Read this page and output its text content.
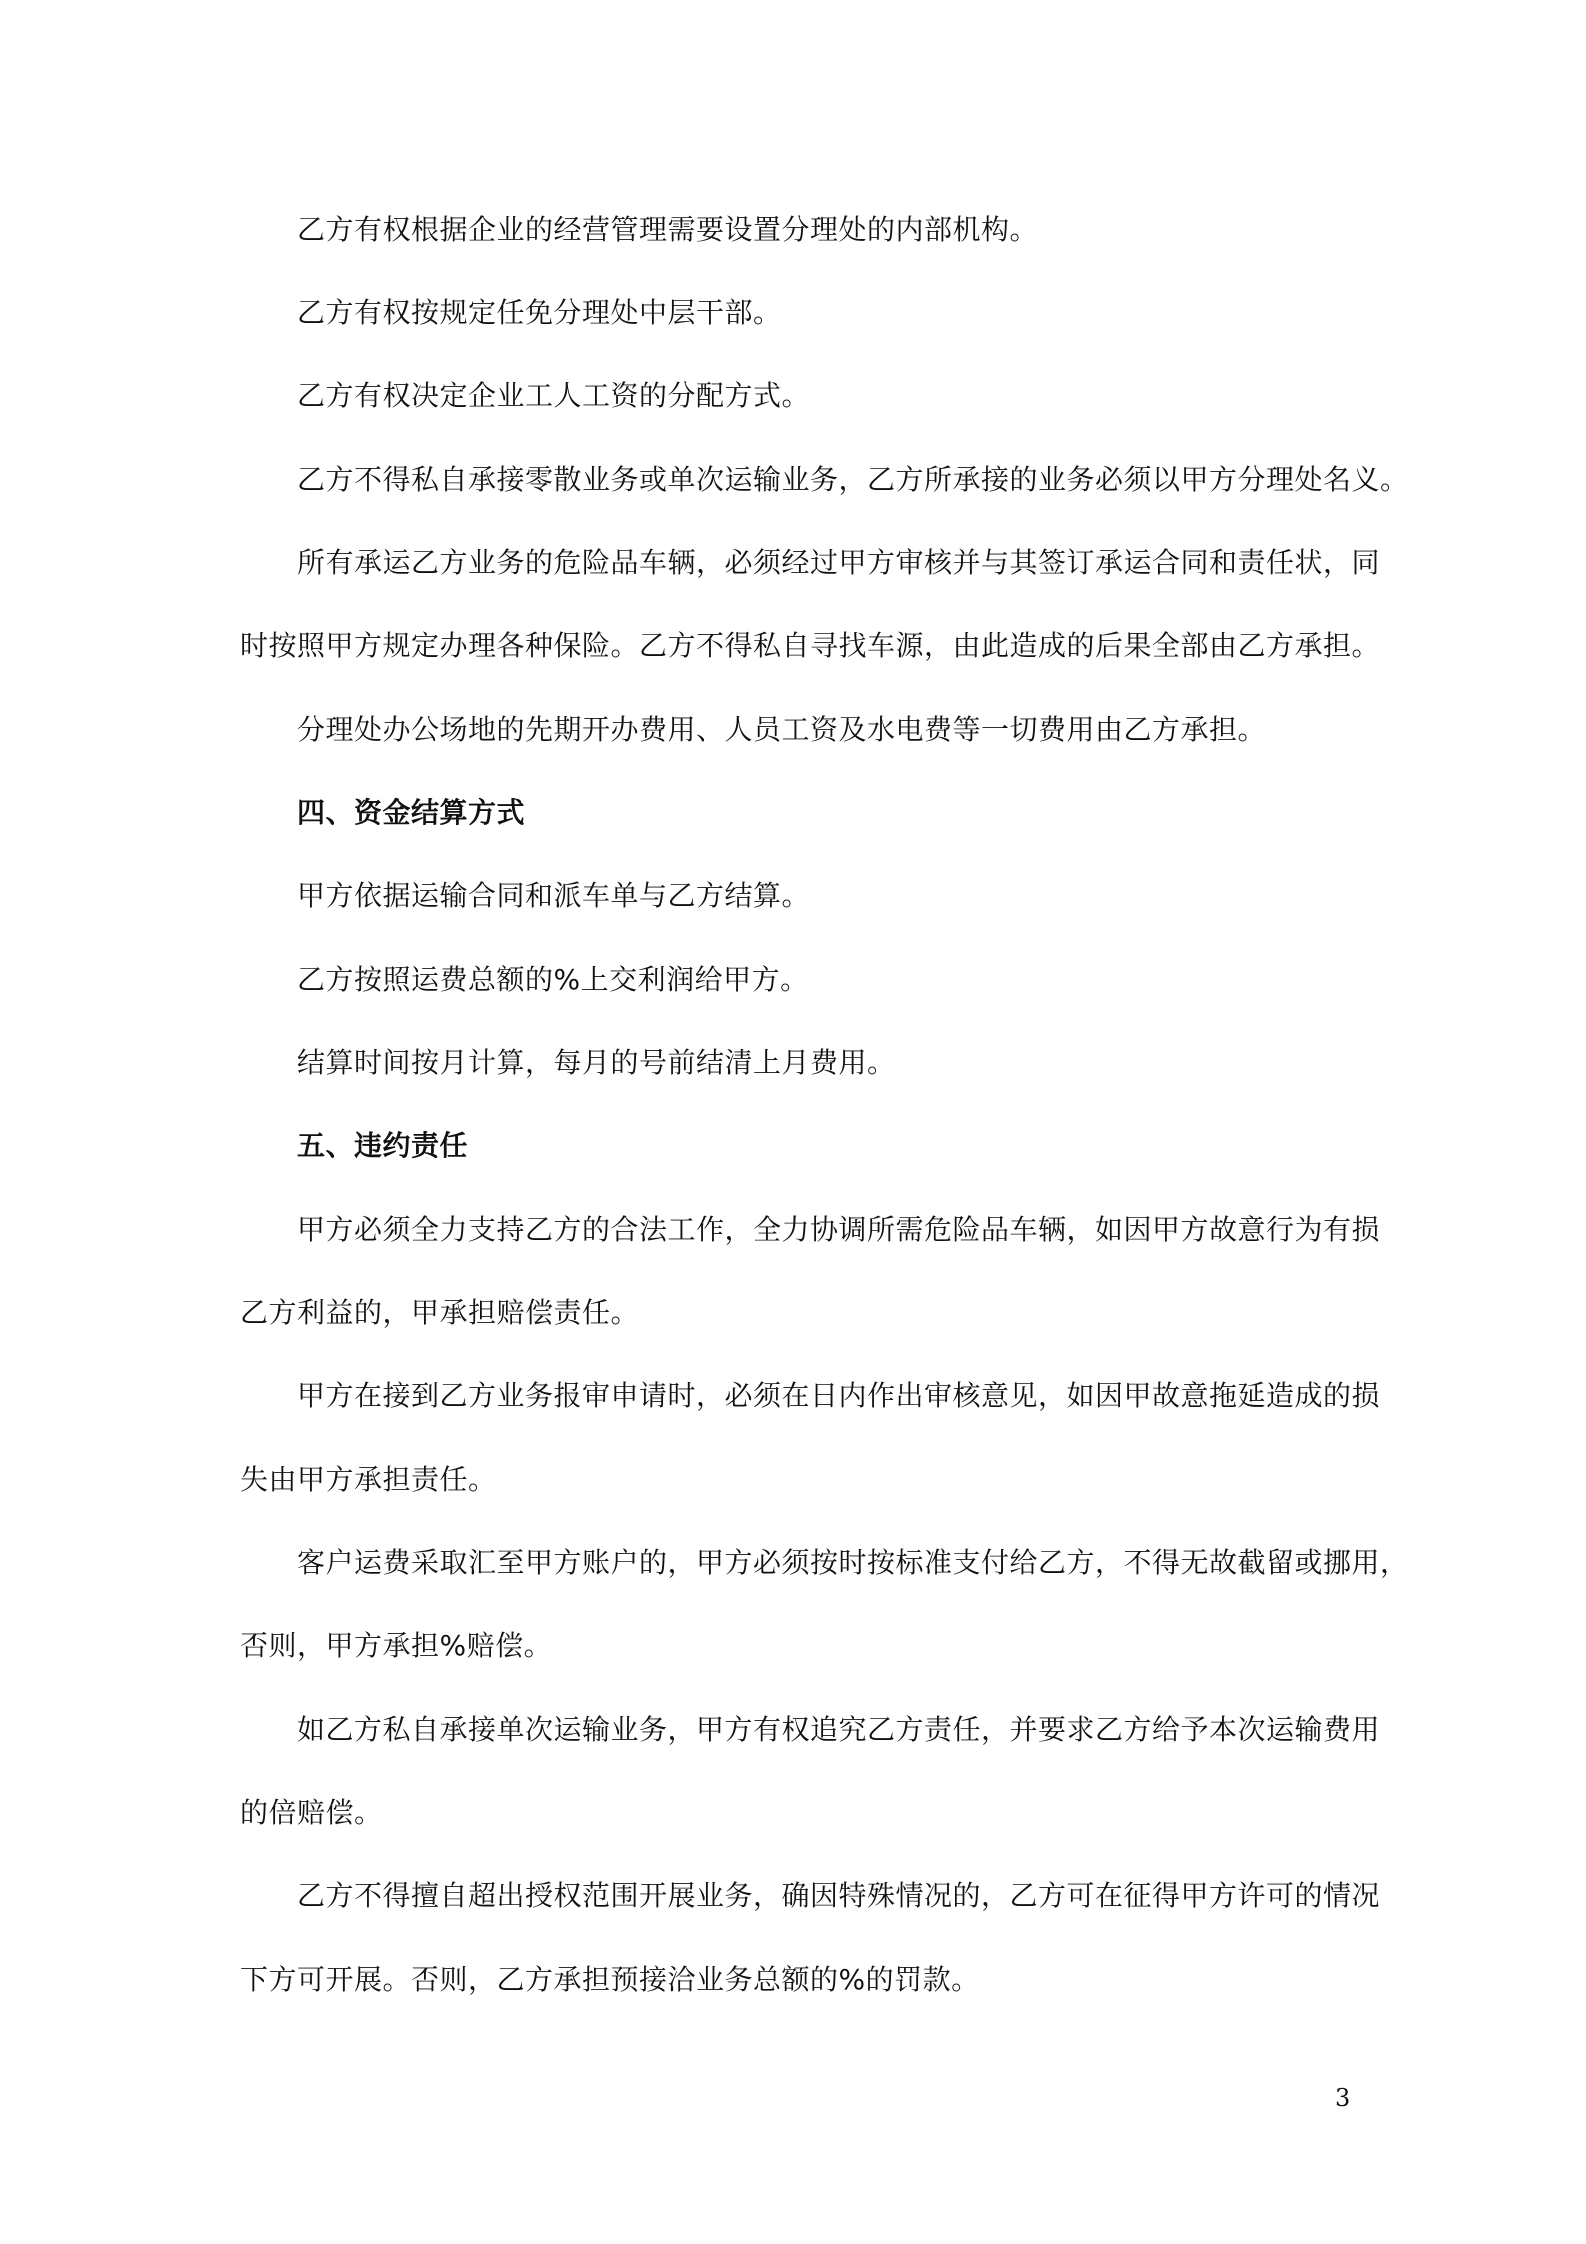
乙方有权根据企业的经营管理需要设置分理处的内部机构。
乙方有权按规定任免分理处中层干部。
乙方有权决定企业工人工资的分配方式。
乙方不得私自承接零散业务或单次运输业务，乙方所承接的业务必须以甲方分理处名义。
所有承运乙方业务的危险品车辆，必须经过甲方审核并与其签订承运合同和责任状，同
时按照甲方规定办理各种保险。乙方不得私自寻找车源，由此造成的后果全部由乙方承担。
分理处办公场地的先期开办费用、人员工资及水电费等一切费用由乙方承担。
四、资金结算方式
甲方依据运输合同和派车单与乙方结算。
乙方按照运费总额的%上交利润给甲方。
结算时间按月计算，每月的号前结清上月费用。
五、违约责任
甲方必须全力支持乙方的合法工作，全力协调所需危险品车辆，如因甲方故意行为有损
乙方利益的，甲承担赔偿责任。
甲方在接到乙方业务报审申请时，必须在日内作出审核意见，如因甲故意拖延造成的损
失由甲方承担责任。
客户运费采取汇至甲方账户的，甲方必须按时按标准支付给乙方，不得无故截留或挪用，
否则，甲方承担%赔偿。
如乙方私自承接单次运输业务，甲方有权追究乙方责任，并要求乙方给予本次运输费用
的倍赔偿。
乙方不得擅自超出授权范围开展业务，确因特殊情况的，乙方可在征得甲方许可的情况
下方可开展。否则，乙方承担预接洽业务总额的%的罚款。
3
